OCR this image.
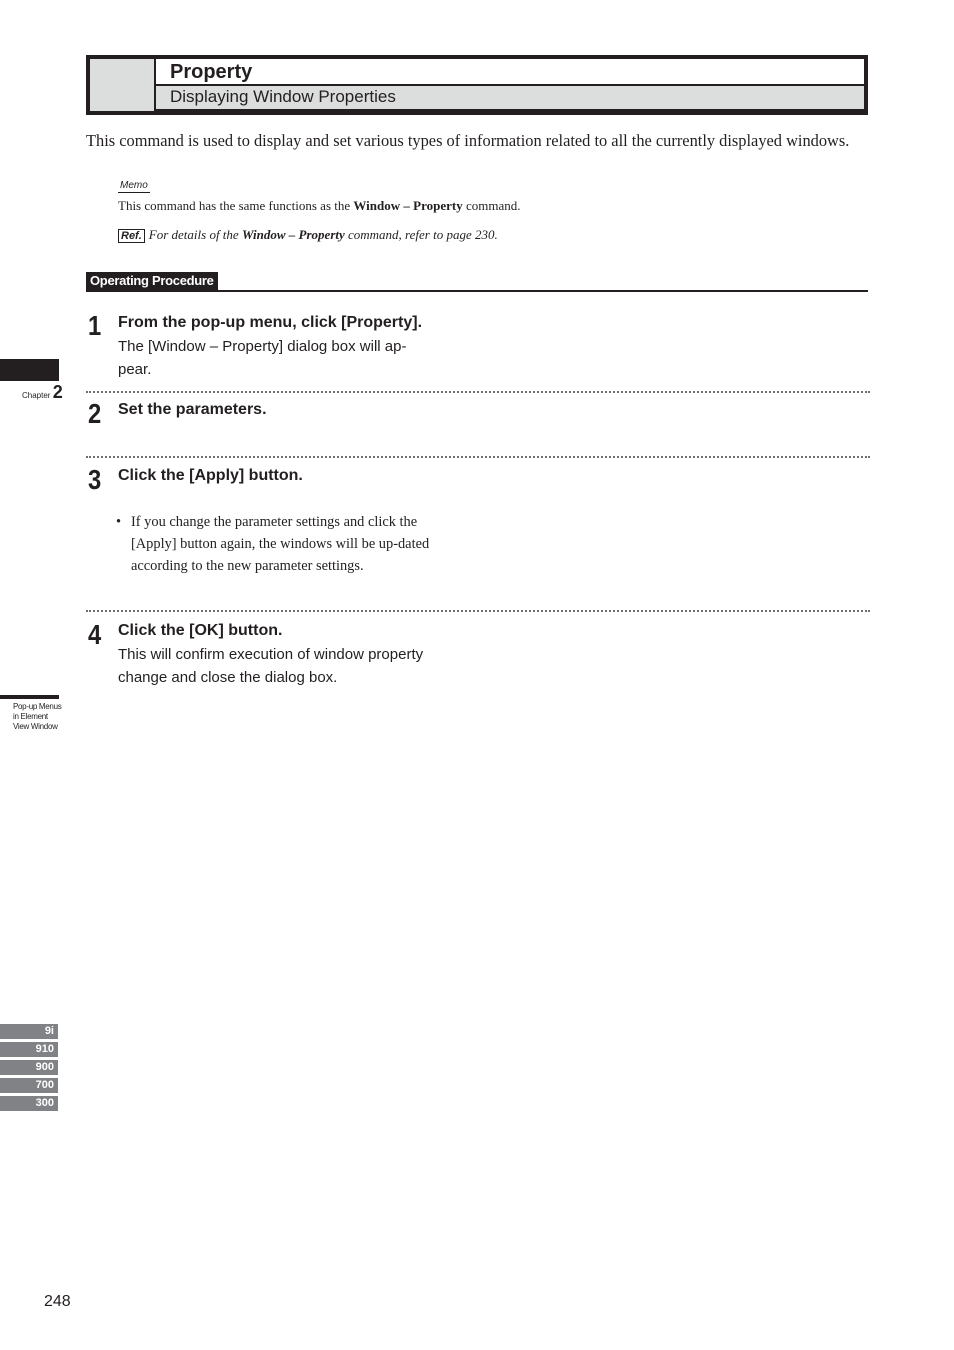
Property
Displaying Window Properties
This command is used to display and set various types of information related to all the currently displayed windows.
Memo
This command has the same functions as the Window – Property command.
Ref. For details of the Window – Property command, refer to page 230.
Operating Procedure
1 From the pop-up menu, click [Property].
The [Window – Property] dialog box will ap-pear.
2 Set the parameters.
3 Click the [Apply] button.
• If you change the parameter settings and click the [Apply] button again, the windows will be up-dated according to the new parameter settings.
4 Click the [OK] button.
This will confirm execution of window property change and close the dialog box.
Chapter 2
Pop-up Menus in Element View Window
9i
910
900
700
300
248
